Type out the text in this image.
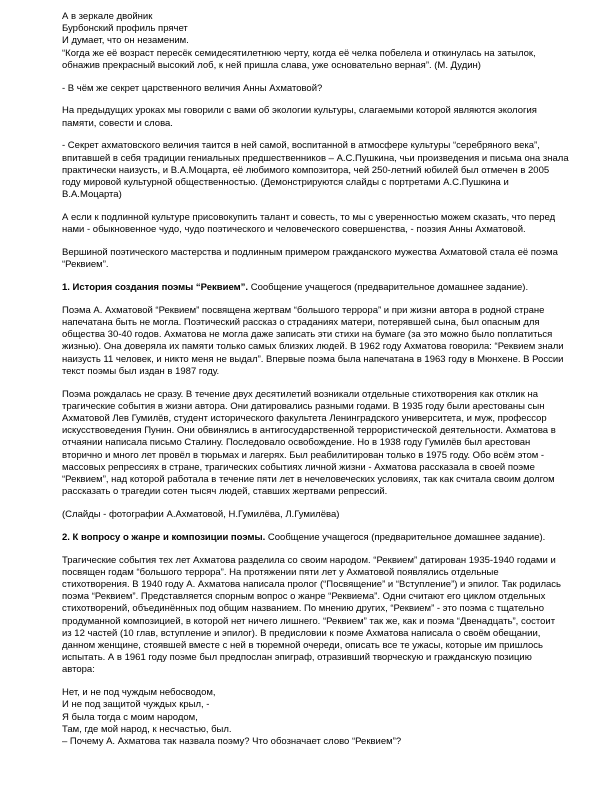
А в зеркале двойник
Бурбонский профиль прячет
И думает, что он незаменим.
“Когда же её возраст пересёк семидесятилетнюю черту, когда её челка побелела и откинулась на затылок,
обнажив прекрасный высокий лоб, к ней пришла слава, уже основательно верная”. (М. Дудин)
- В чём же секрет царственного величия Анны Ахматовой?
На предыдущих уроках мы говорили с вами об экологии культуры, слагаемыми которой являются экология
памяти, совести и слова.
- Секрет ахматовского величия таится в ней самой, воспитанной в атмосфере культуры “серебряного века”,
впитавшей в себя традиции гениальных предшественников – А.С.Пушкина, чьи произведения и письма она знала
практически наизусть, и В.А.Моцарта, её любимого композитора, чей 250-летний юбилей был отмечен в 2005
году мировой культурной общественностью. (Демонстрируются слайды с портретами А.С.Пушкина и
В.А.Моцарта)
А если к подлинной культуре присовокупить талант и совесть, то мы с уверенностью можем сказать, что перед
нами - обыкновенное чудо, чудо поэтического и человеческого совершенства, - поэзия Анны Ахматовой.
Вершиной поэтического мастерства и подлинным примером гражданского мужества Ахматовой стала её поэма
“Реквием”.
1. История создания поэмы “Реквием”. Сообщение учащегося (предварительное домашнее задание).
Поэма А. Ахматовой “Реквием” посвящена жертвам “большого террора” и при жизни автора в родной стране
напечатана быть не могла. Поэтический рассказ о страданиях матери, потерявшей сына, был опасным для
общества 30-40 годов. Ахматова не могла даже записать эти стихи на бумаге (за это можно было поплатиться
жизнью). Она доверяла их памяти только самых близких людей. В 1962 году Ахматова говорила: “Реквием знали
наизусть 11 человек, и никто меня не выдал”. Впервые поэма была напечатана в 1963 году в Мюнхене. В России
текст поэмы был издан в 1987 году.
Поэма рождалась не сразу. В течение двух десятилетий возникали отдельные стихотворения как отклик на
трагические события в жизни автора. Они датировались разными годами. В 1935 году были арестованы сын
Ахматовой Лев Гумилёв, студент исторического факультета Ленинградского университета, и муж, профессор
искусствоведения Пунин. Они обвинялись в антигосударственной террористической деятельности. Ахматова в
отчаянии написала письмо Сталину. Последовало освобождение. Но в 1938 году Гумилёв был арестован
вторично и много лет провёл в тюрьмах и лагерях. Был реабилитирован только в 1975 году. Обо всём этом -
массовых репрессиях в стране, трагических событиях личной жизни - Ахматова рассказала в своей поэме
“Реквием”, над которой работала в течение пяти лет в нечеловеческих условиях, так как считала своим долгом
рассказать о трагедии сотен тысяч людей, ставших жертвами репрессий.
(Слайды - фотографии А.Ахматовой, Н.Гумилёва, Л.Гумилёва)
2. К вопросу о жанре и композиции поэмы. Сообщение учащегося (предварительное домашнее задание).
Трагические события тех лет Ахматова разделила со своим народом. “Реквием” датирован 1935-1940 годами и
посвящен годам “большого террора”. На протяжении пяти лет у Ахматовой появлялись отдельные
стихотворения. В 1940 году А. Ахматова написала пролог (“Посвящение” и “Вступление”) и эпилог. Так родилась
поэма “Реквием”. Представляется спорным вопрос о жанре “Реквиема”. Одни считают его циклом отдельных
стихотворений, объединённых под общим названием. По мнению других, “Реквием” - это поэма с тщательно
продуманной композицией, в которой нет ничего лишнего. “Реквием” так же, как и поэма “Двенадцать”, состоит
из 12 частей (10 глав, вступление и эпилог). В предисловии к поэме Ахматова написала о своём обещании,
данном женщине, стоявшей вместе с ней в тюремной очереди, описать все те ужасы, которые им пришлось
испытать. А в 1961 году поэме был предпослан эпиграф, отразивший творческую и гражданскую позицию
автора:
Нет, и не под чуждым небосводом,
И не под защитой чуждых крыл, -
Я была тогда с моим народом,
Там, где мой народ, к несчастью, был.
– Почему А. Ахматова так назвала поэму? Что обозначает слово “Реквием”?
